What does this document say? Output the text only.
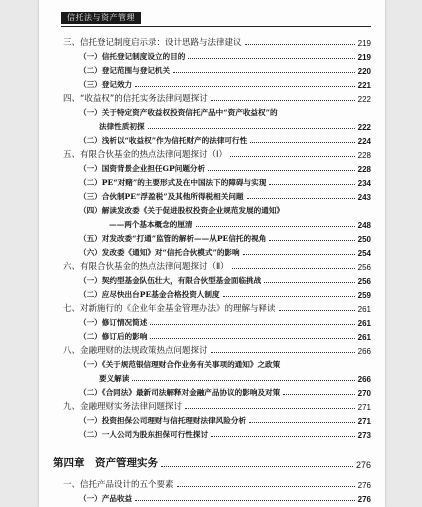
信托法与资产管理
三、信托登记制度启示录：设计思路与法律建议	219
（一）信托登记制度设立的目的	219
（二）登记范围与登记机关	220
（三）登记效力	221
四、“收益权”的信托实务法律问题探讨	222
（一）关于特定资产收益权投资信托产品中“资产收益权”的
法律性质初探	222
（二）浅析以“收益权”作为信托财产的法律可行性	224
五、有限合伙基金的热点法律问题探讨（Ⅰ）	228
（一）国资背景企业担任GP问题分析	228
（二）PE“对赌”的主要形式及在中国法下的障碍与实现	234
（三）合伙制PE“浮盈税”及其他所得税相关问题	243
（四）解读发改委《关于促进股权投资企业规范发展的通知》
——两个基本概念的厘清	248
（五）对发改委“打通”监管的解析——从PE信托的视角	250
（六）发改委《通知》对“信托合伙模式”的影响	254
六、有限合伙基金的热点法律问题探讨（Ⅱ）	256
（一）契约型基金队伍壮大，有限合伙型基金面临挑战	256
（二）应尽快出台PE基金合格投资人制度	259
七、对新施行的《企业年金基金管理办法》的理解与释读	261
（一）修订情况简述	261
（二）修订后的影响	261
八、金融理财的法规政策热点问题探讨	266
（一）《关于规范银信理财合作业务有关事项的通知》之政策
要义解读	266
（二）《合同法》最新司法解释对金融产品协议的影响及对策	270
九、金融理财实务法律问题探讨	271
（一）投资担保公司理财与信托理财法律风险分析	271
（二）一人公司为股东担保可行性探讨	273
第四章　资产管理实务	276
一、信托产品设计的五个要素	276
（一）产品收益	276
